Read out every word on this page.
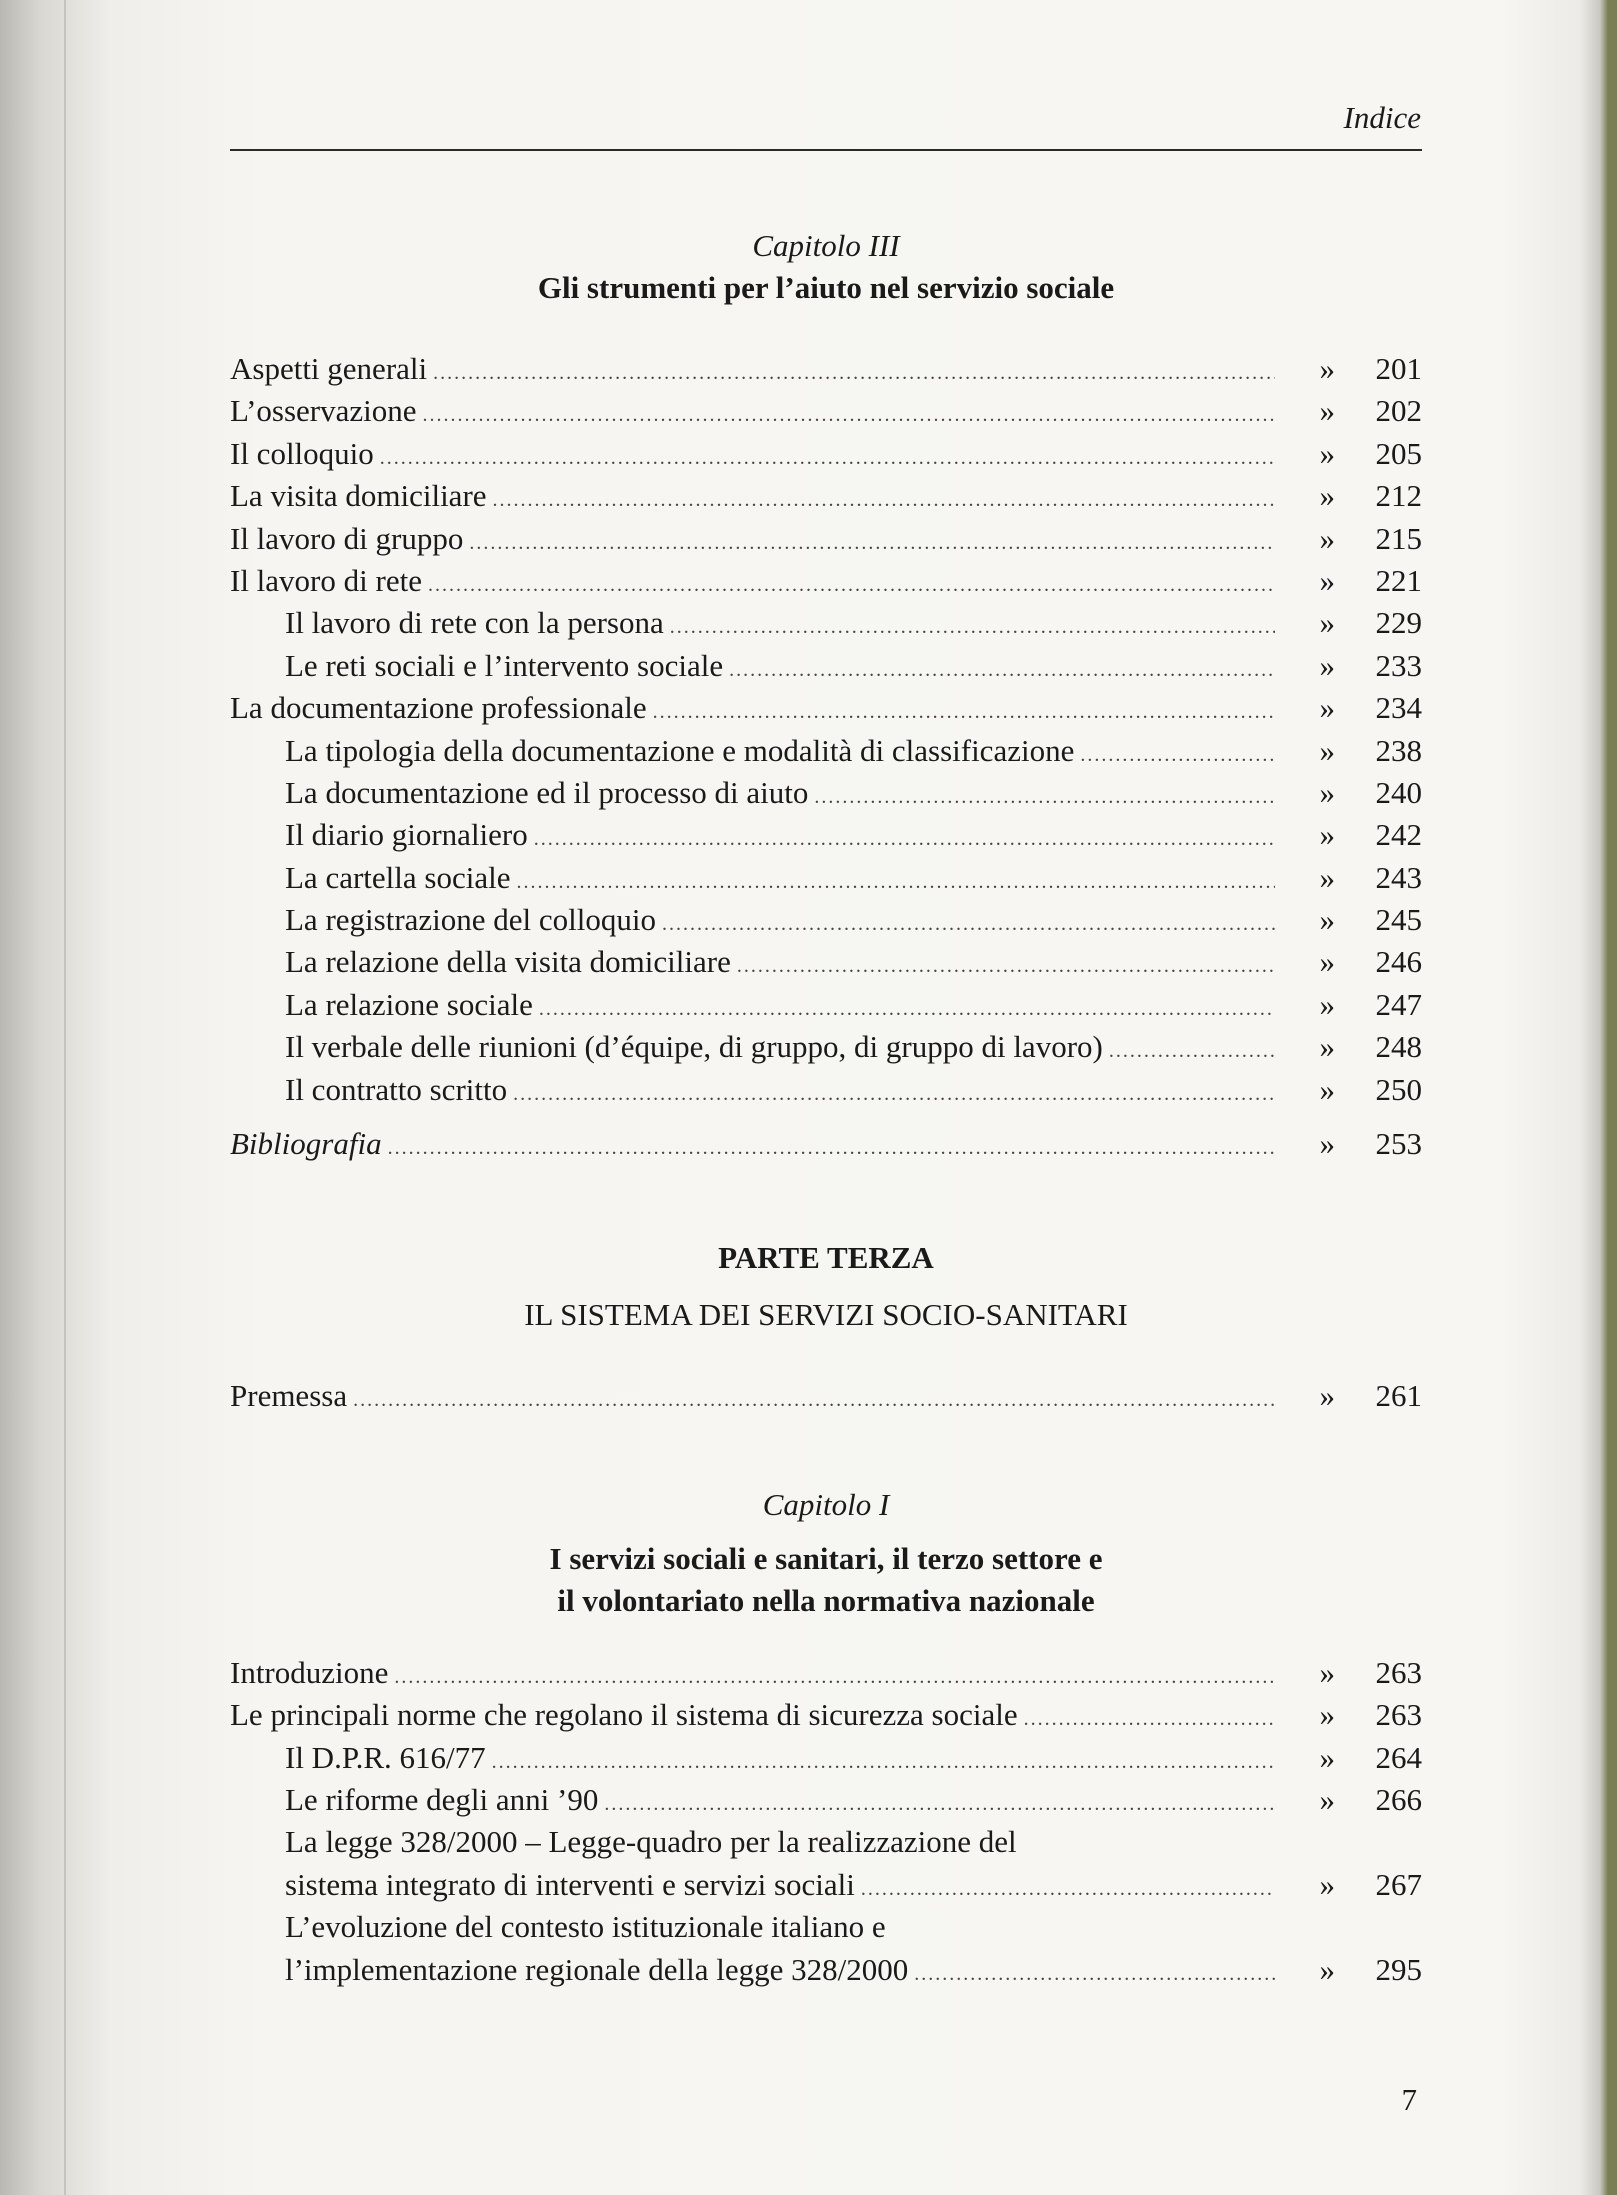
Indice
Capitolo III
Gli strumenti per l’aiuto nel servizio sociale
Aspetti generali .....	»	201
L’osservazione .....	»	202
Il colloquio .....	»	205
La visita domiciliare .....	»	212
Il lavoro di gruppo .....	»	215
Il lavoro di rete .....	»	221
Il lavoro di rete con la persona .....	»	229
Le reti sociali e l’intervento sociale .....	»	233
La documentazione professionale .....	»	234
La tipologia della documentazione e modalità di classificazione .....	»	238
La documentazione ed il processo di aiuto .....	»	240
Il diario giornaliero .....	»	242
La cartella sociale .....	»	243
La registrazione del colloquio .....	»	245
La relazione della visita domiciliare .....	»	246
La relazione sociale .....	»	247
Il verbale delle riunioni (d’équipe, di gruppo, di gruppo di lavoro) .....	»	248
Il contratto scritto .....	»	250
Bibliografia .....	»	253
PARTE TERZA
IL SISTEMA DEI SERVIZI SOCIO-SANITARI
Premessa .....	»	261
Capitolo I
I servizi sociali e sanitari, il terzo settore e
il volontariato nella normativa nazionale
Introduzione .....	»	263
Le principali norme che regolano il sistema di sicurezza sociale .....	»	263
Il D.P.R. 616/77 .....	»	264
Le riforme degli anni ’90 .....	»	266
La legge 328/2000 – Legge-quadro per la realizzazione del
sistema integrato di interventi e servizi sociali .....	»	267
L’evoluzione del contesto istituzionale italiano e
l’implementazione regionale della legge 328/2000 .....	»	295
7
